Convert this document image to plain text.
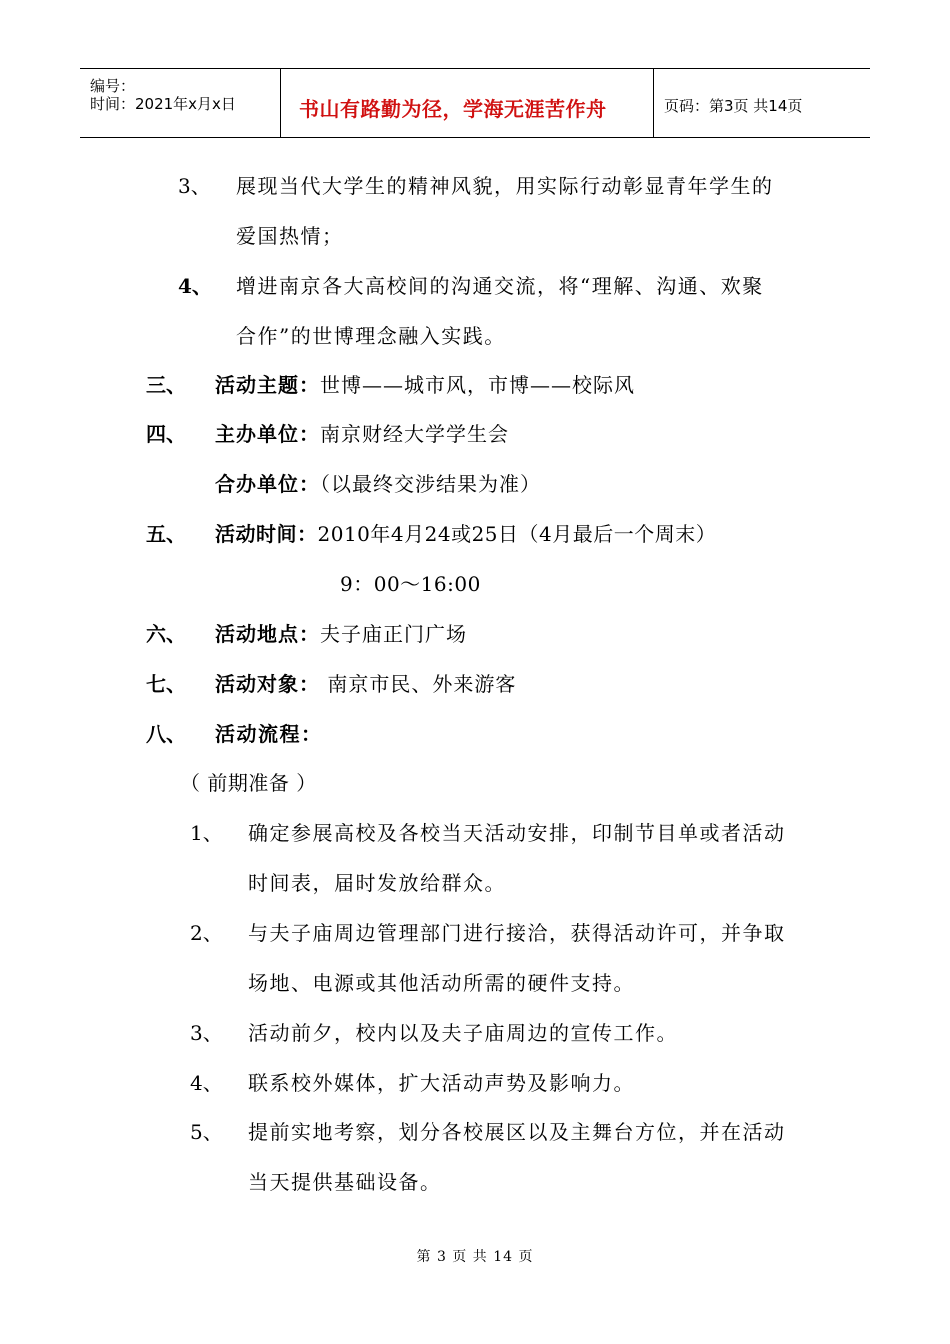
编号：
时间：2021年x月x日	书山有路勤为径，学海无涯苦作舟	页码：第3页 共14页
3、 展现当代大学生的精神风貌，用实际行动彰显青年学生的
爱国热情；
4、 增进南京各大高校间的沟通交流，将“理解、沟通、欢聚
合作”的世博理念融入实践。
三、 活动主题：世博——城市风，市博——校际风
四、 主办单位：南京财经大学学生会
合办单位：（以最终交涉结果为准）
五、 活动时间：2010年4月24或25日（4月最后一个周末）
9：00～16:00
六、 活动地点：夫子庙正门广场
七、 活动对象： 南京市民、外来游客
八、 活动流程：
（ 前期准备 ）
1、 确定参展高校及各校当天活动安排，印制节目单或者活动
时间表，届时发放给群众。
2、 与夫子庙周边管理部门进行接洽，获得活动许可，并争取
场地、电源或其他活动所需的硬件支持。
3、 活动前夕，校内以及夫子庙周边的宣传工作。
4、 联系校外媒体，扩大活动声势及影响力。
5、 提前实地考察，划分各校展区以及主舞台方位，并在活动
当天提供基础设备。
第 3 页 共 14 页
